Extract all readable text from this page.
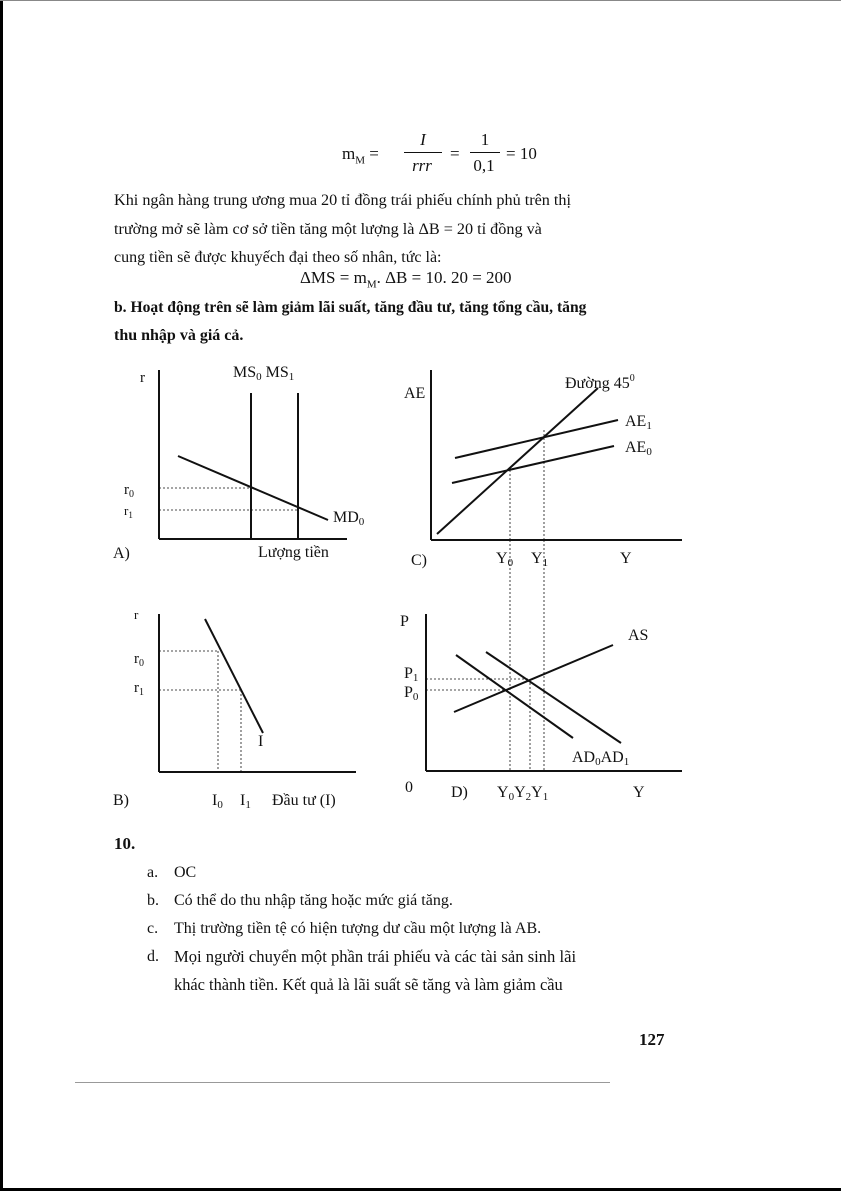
$m_M$ =
I
rrr
=
1
0,1
= 10
Khi ngân hàng trung ương mua 20 tỉ đồng trái phiếu chính phủ trên thị
trường mở sẽ làm cơ sở tiền tăng một lượng là ΔB = 20 tỉ đồng và
cung tiền sẽ được khuyếch đại theo số nhân, tức là:
$\Delta MS = m_M$. ΔB = 10. 20 = 200
b. Hoạt động trên sẽ làm giảm lãi suất, tăng đầu tư, tăng tổng cầu, tăng
thu nhập và giá cả.
r	MS0 MS1
$r_0$
$r_1$	MD0
A)	Lượng tiền
r
$r_0$
$r_1$
I
B)	I0 I1 Đầu tư (I)
AE
Đường $45^0$
AE1
AE0
C)	Y0 Y1	Y
P
AS
P1
P0
AD0AD1
0 D) Y0Y2Y1	Y
10.
a. OC
b. Có thể do thu nhập tăng hoặc mức giá tăng.
c. Thị trường tiền tệ có hiện tượng dư cầu một lượng là AB.
d. Mọi người chuyển một phần trái phiếu và các tài sản sinh lãi
khác thành tiền. Kết quả là lãi suất sẽ tăng và làm giảm cầu
127
